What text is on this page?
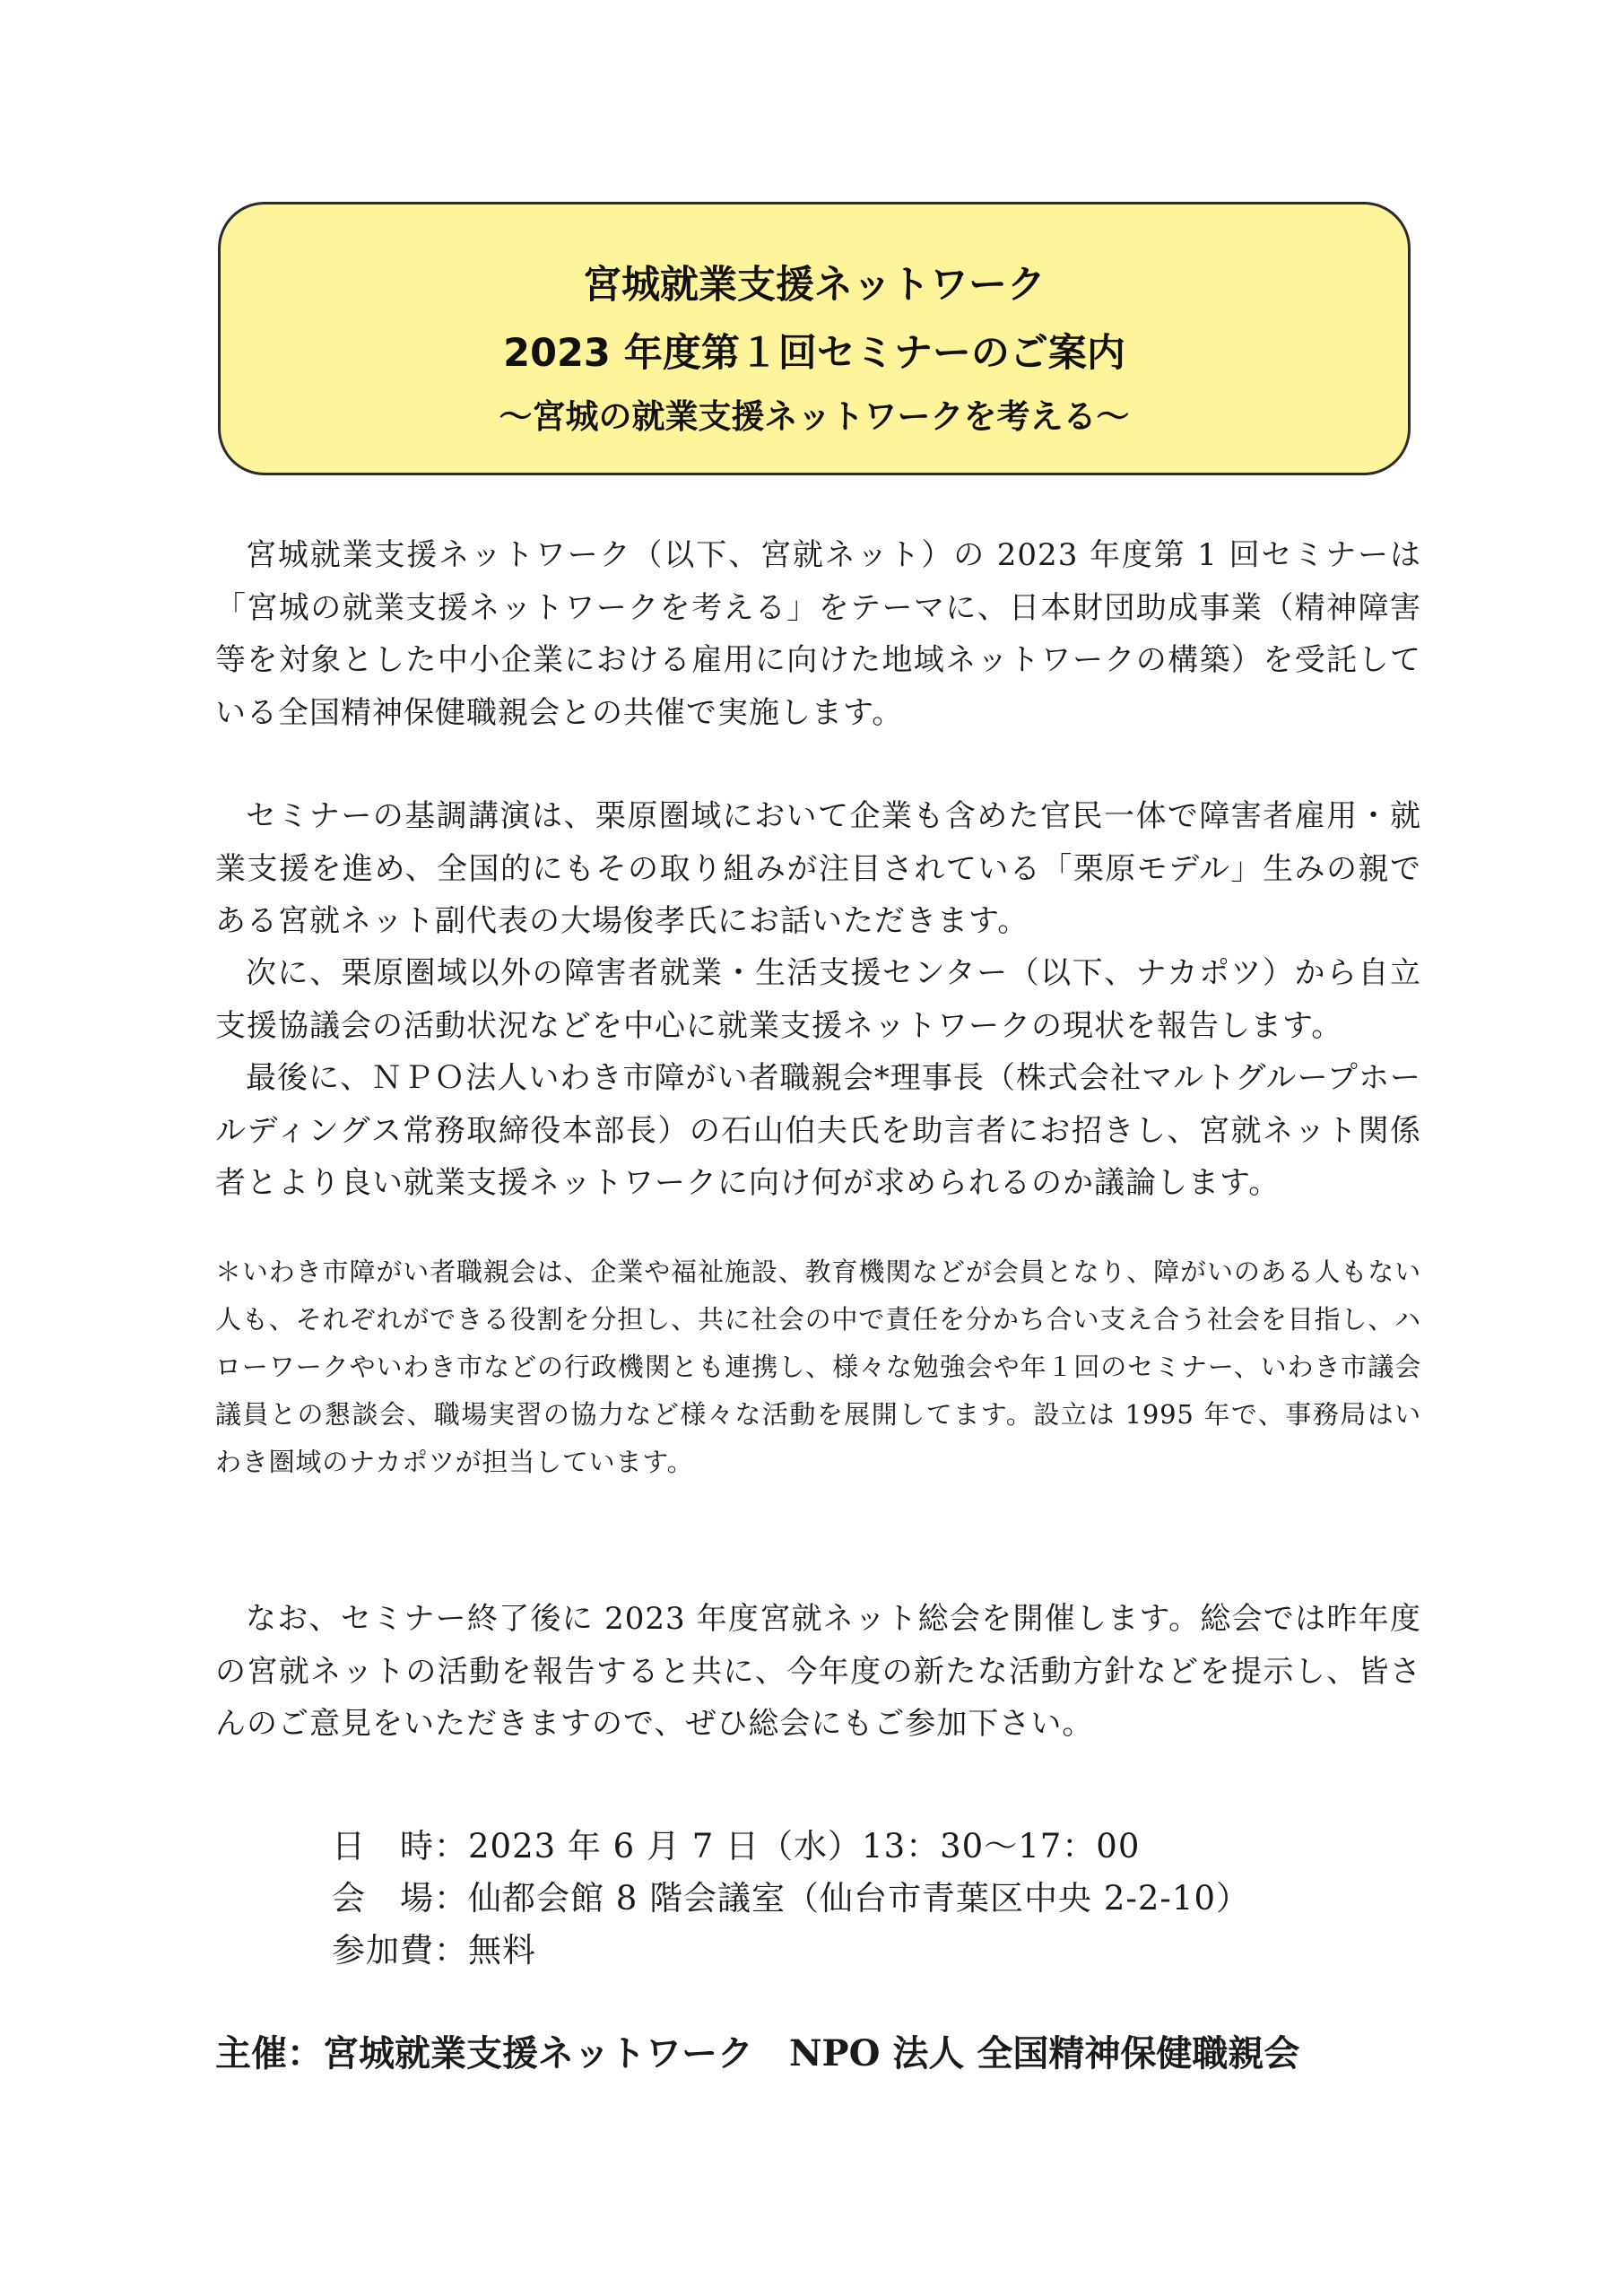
宮城就業支援ネットワーク
2023 年度第１回セミナーのご案内
～宮城の就業支援ネットワークを考える～

宮城就業支援ネットワーク（以下、宮就ネット）の 2023 年度第 1 回セミナーは「宮城の就業支援ネットワークを考える」をテーマに、日本財団助成事業（精神障害等を対象とした中小企業における雇用に向けた地域ネットワークの構築）を受託している全国精神保健職親会との共催で実施します。

セミナーの基調講演は、栗原圏域において企業も含めた官民一体で障害者雇用・就業支援を進め、全国的にもその取り組みが注目されている「栗原モデル」生みの親である宮就ネット副代表の大場俊孝氏にお話いただきます。

次に、栗原圏域以外の障害者就業・生活支援センター（以下、ナカポツ）から自立支援協議会の活動状況などを中心に就業支援ネットワークの現状を報告します。

最後に、ＮＰＯ法人いわき市障がい者職親会*理事長（株式会社マルトグループホールディングス常務取締役本部長）の石山伯夫氏を助言者にお招きし、宮就ネット関係者とより良い就業支援ネットワークに向け何が求められるのか議論します。

＊いわき市障がい者職親会は、企業や福祉施設、教育機関などが会員となり、障がいのある人もない人も、それぞれができる役割を分担し、共に社会の中で責任を分かち合い支え合う社会を目指し、ハローワークやいわき市などの行政機関とも連携し、様々な勉強会や年１回のセミナー、いわき市議会議員との懇談会、職場実習の協力など様々な活動を展開してます。設立は 1995 年で、事務局はいわき圏域のナカポツが担当しています。

なお、セミナー終了後に 2023 年度宮就ネット総会を開催します。総会では昨年度の宮就ネットの活動を報告すると共に、今年度の新たな活動方針などを提示し、皆さんのご意見をいただきますので、ぜひ総会にもご参加下さい。

日　時：2023 年 6 月 7 日（水）13：30～17：00
会　場：仙都会館 8 階会議室（仙台市青葉区中央 2-2-10）
参加費：無料
主催：宮城就業支援ネットワーク　NPO 法人 全国精神保健職親会
